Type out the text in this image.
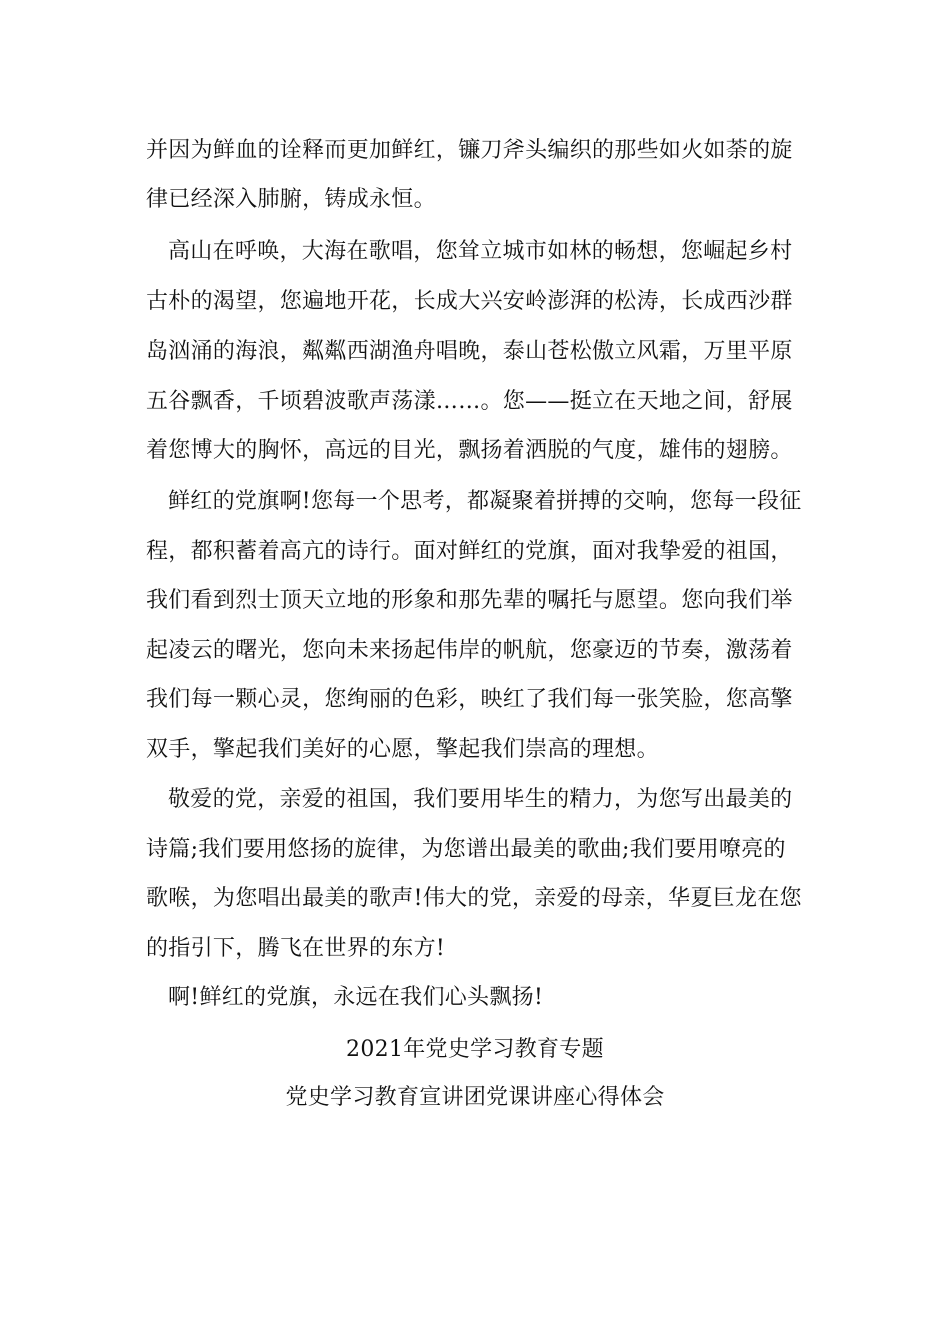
并因为鲜血的诠释而更加鲜红，镰刀斧头编织的那些如火如荼的旋
律已经深入肺腑，铸成永恒。
高山在呼唤，大海在歌唱，您耸立城市如林的畅想，您崛起乡村
古朴的渴望，您遍地开花，长成大兴安岭澎湃的松涛，长成西沙群
岛汹涌的海浪，粼粼西湖渔舟唱晚，泰山苍松傲立风霜，万里平原
五谷飘香，千顷碧波歌声荡漾……。您——挺立在天地之间，舒展
着您博大的胸怀，高远的目光，飘扬着洒脱的气度，雄伟的翅膀。
鲜红的党旗啊!您每一个思考，都凝聚着拼搏的交响，您每一段征
程，都积蓄着高亢的诗行。面对鲜红的党旗，面对我挚爱的祖国，
我们看到烈士顶天立地的形象和那先辈的嘱托与愿望。您向我们举
起凌云的曙光，您向未来扬起伟岸的帆航，您豪迈的节奏，激荡着
我们每一颗心灵，您绚丽的色彩，映红了我们每一张笑脸，您高擎
双手，擎起我们美好的心愿，擎起我们崇高的理想。
敬爱的党，亲爱的祖国，我们要用毕生的精力，为您写出最美的
诗篇;我们要用悠扬的旋律，为您谱出最美的歌曲;我们要用嘹亮的
歌喉，为您唱出最美的歌声!伟大的党，亲爱的母亲，华夏巨龙在您
的指引下，腾飞在世界的东方!
啊!鲜红的党旗，永远在我们心头飘扬!
2021年党史学习教育专题
党史学习教育宣讲团党课讲座心得体会
